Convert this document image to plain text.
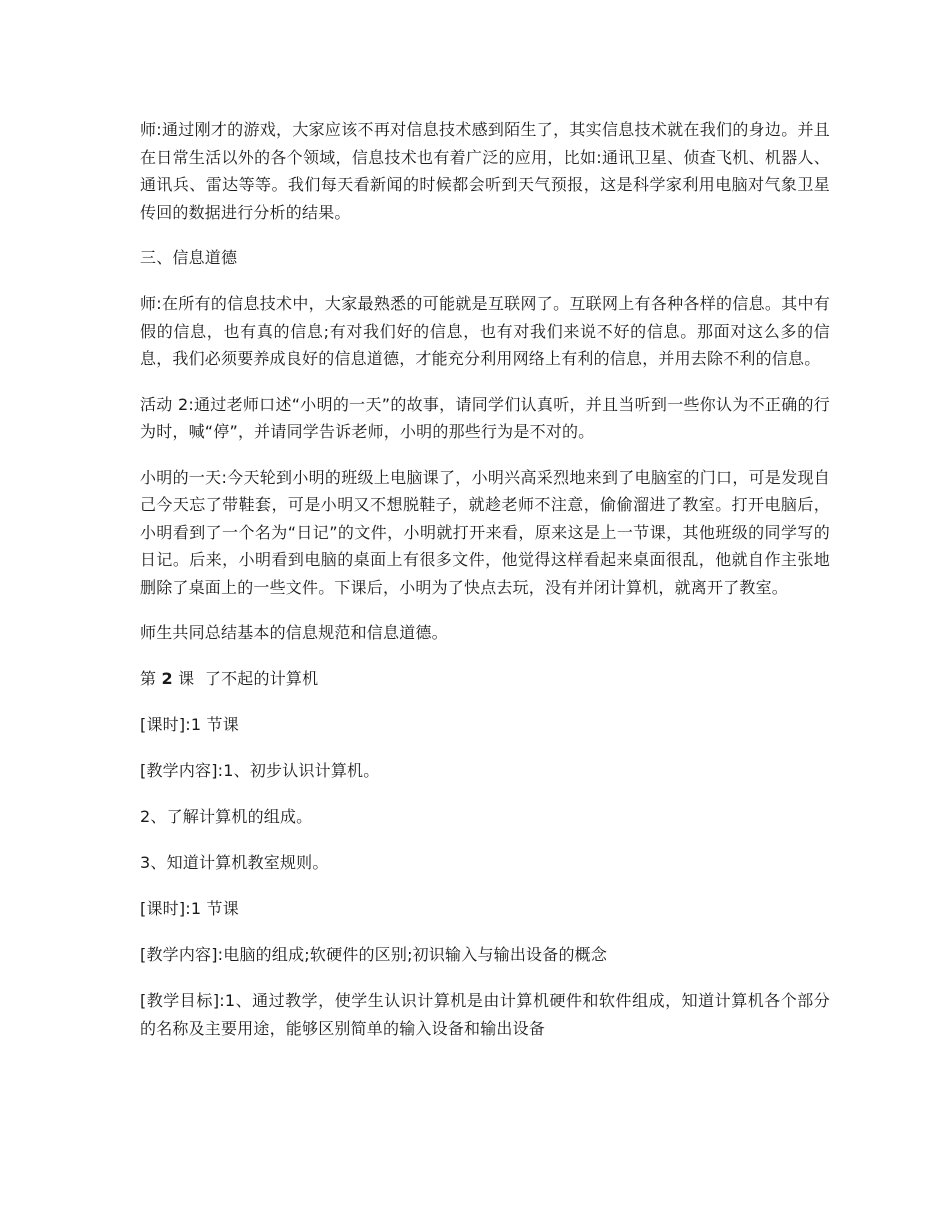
师:通过刚才的游戏，大家应该不再对信息技术感到陌生了，其实信息技术就在我们的身边。并且在日常生活以外的各个领域，信息技术也有着广泛的应用，比如:通讯卫星、侦查飞机、机器人、通讯兵、雷达等等。我们每天看新闻的时候都会听到天气预报，这是科学家利用电脑对气象卫星传回的数据进行分析的结果。

三、信息道德

师:在所有的信息技术中，大家最熟悉的可能就是互联网了。互联网上有各种各样的信息。其中有假的信息，也有真的信息;有对我们好的信息，也有对我们来说不好的信息。那面对这么多的信息，我们必须要养成良好的信息道德，才能充分利用网络上有利的信息，并用去除不利的信息。

活动 2:通过老师口述“小明的一天”的故事，请同学们认真听，并且当听到一些你认为不正确的行为时，喊“停”，并请同学告诉老师，小明的那些行为是不对的。

小明的一天:今天轮到小明的班级上电脑课了，小明兴高采烈地来到了电脑室的门口，可是发现自己今天忘了带鞋套，可是小明又不想脱鞋子，就趁老师不注意，偷偷溜进了教室。打开电脑后，小明看到了一个名为“日记”的文件，小明就打开来看，原来这是上一节课，其他班级的同学写的日记。后来，小明看到电脑的桌面上有很多文件，他觉得这样看起来桌面很乱，他就自作主张地删除了桌面上的一些文件。下课后，小明为了快点去玩，没有并闭计算机，就离开了教室。

师生共同总结基本的信息规范和信息道德。

第 2 课  了不起的计算机

[课时]:1 节课

[教学内容]:1、初步认识计算机。

2、了解计算机的组成。

3、知道计算机教室规则。

[课时]:1 节课

[教学内容]:电脑的组成;软硬件的区别;初识输入与输出设备的概念

[教学目标]:1、通过教学，使学生认识计算机是由计算机硬件和软件组成，知道计算机各个部分的名称及主要用途，能够区别简单的输入设备和输出设备
